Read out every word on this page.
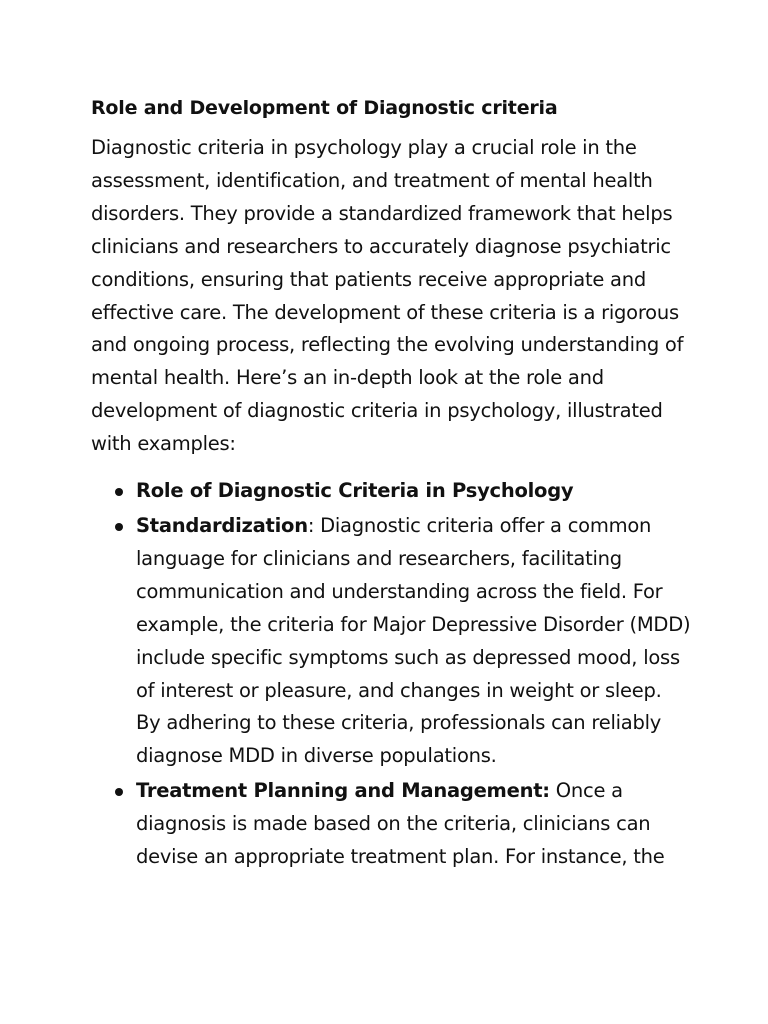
Role and Development of Diagnostic criteria
Diagnostic criteria in psychology play a crucial role in the assessment, identification, and treatment of mental health disorders. They provide a standardized framework that helps clinicians and researchers to accurately diagnose psychiatric conditions, ensuring that patients receive appropriate and effective care. The development of these criteria is a rigorous and ongoing process, reflecting the evolving understanding of mental health. Here’s an in-depth look at the role and development of diagnostic criteria in psychology, illustrated with examples:
Role of Diagnostic Criteria in Psychology
Standardization: Diagnostic criteria offer a common language for clinicians and researchers, facilitating communication and understanding across the field. For example, the criteria for Major Depressive Disorder (MDD) include specific symptoms such as depressed mood, loss of interest or pleasure, and changes in weight or sleep. By adhering to these criteria, professionals can reliably diagnose MDD in diverse populations.
Treatment Planning and Management: Once a diagnosis is made based on the criteria, clinicians can devise an appropriate treatment plan. For instance, the
